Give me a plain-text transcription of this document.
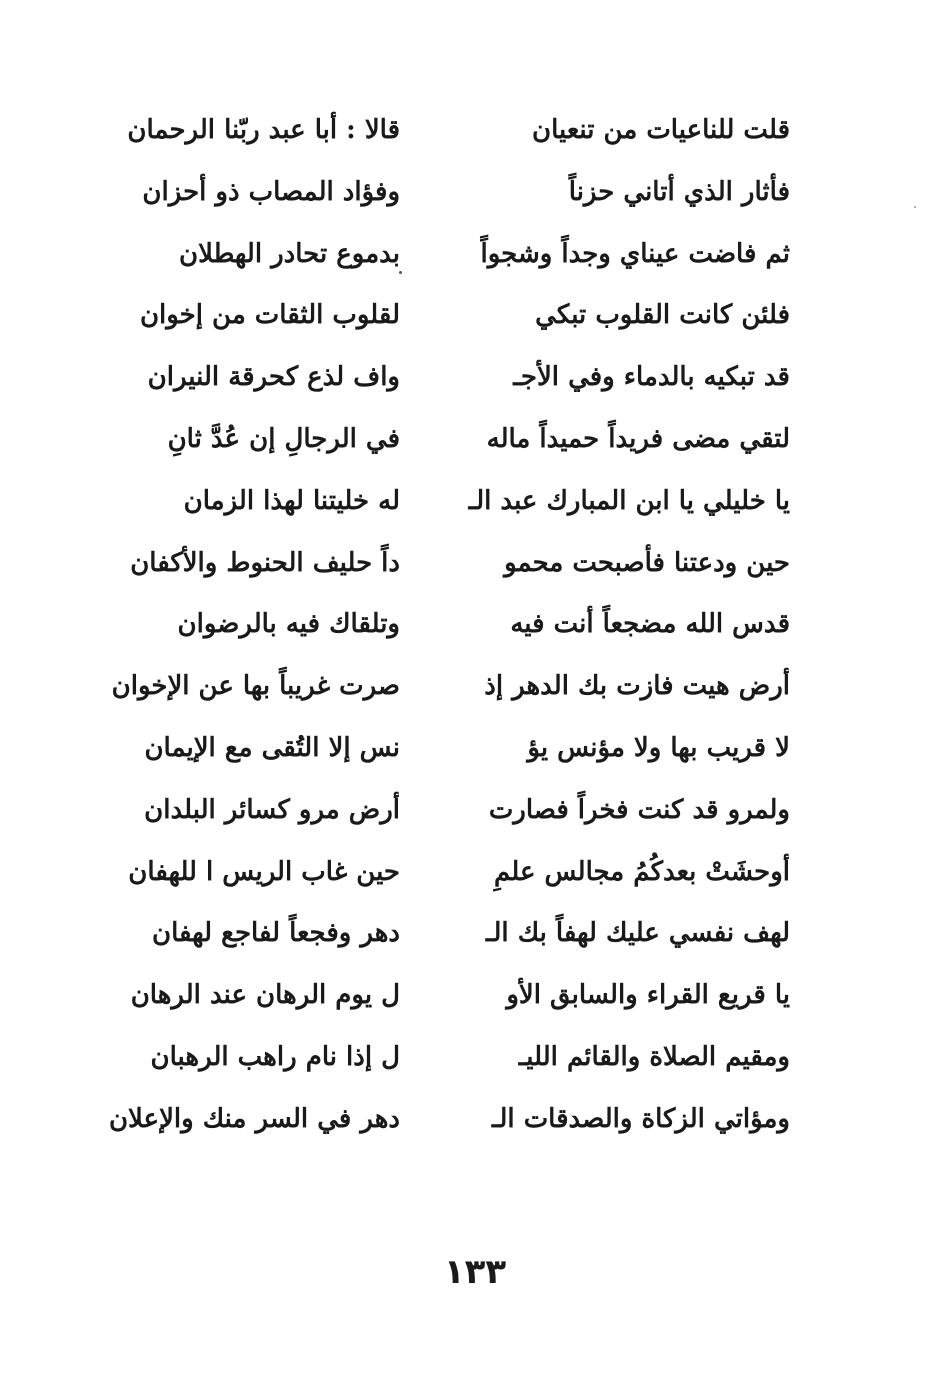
قلت للناعيات من تنعيان
قالا : أبا عبد ربّنا الرحمان
فأثار الذي أتاني حزناً
وفؤاد المصاب ذو أحزان
ثم فاضت عيناي وجداً وشجواً
بدموع تحادر الهطلان
فلئن كانت القلوب تبكي
لقلوب الثقات من إخوان
قد تبكيه بالدماء وفي الأجـ
واف لذع كحرقة النيران
لتقي مضى فريداً حميداً ماله
في الرجالِ إن عُدَّ ثانِ
يا خليلي يا ابن المبارك عبد الـ
له خليتنا لهذا الزمان
حين ودعتنا فأصبحت محمو
داً حليف الحنوط والأكفان
قدس الله مضجعاً أنت فيه
وتلقاك فيه بالرضوان
أرض هيت فازت بك الدهر إذ
صرت غريباً بها عن الإخوان
لا قريب بها ولا مؤنس يؤ
نس إلا التُقى مع الإيمان
ولمرو قد كنت فخراً فصارت
أرض مرو كسائر البلدان
أوحشَتْ بعدكُمُ مجالس علمِ
حين غاب الريس ا للهفان
لهف نفسي عليك لهفاً بك الـ
دهر وفجعاً لفاجع لهفان
يا قريع القراء والسابق الأو
ل يوم الرهان عند الرهان
ومقيم الصلاة والقائم الليـ
ل إذا نام راهب الرهبان
ومؤاتي الزكاة والصدقات الـ
دهر في السر منك والإعلان
١٣٣
